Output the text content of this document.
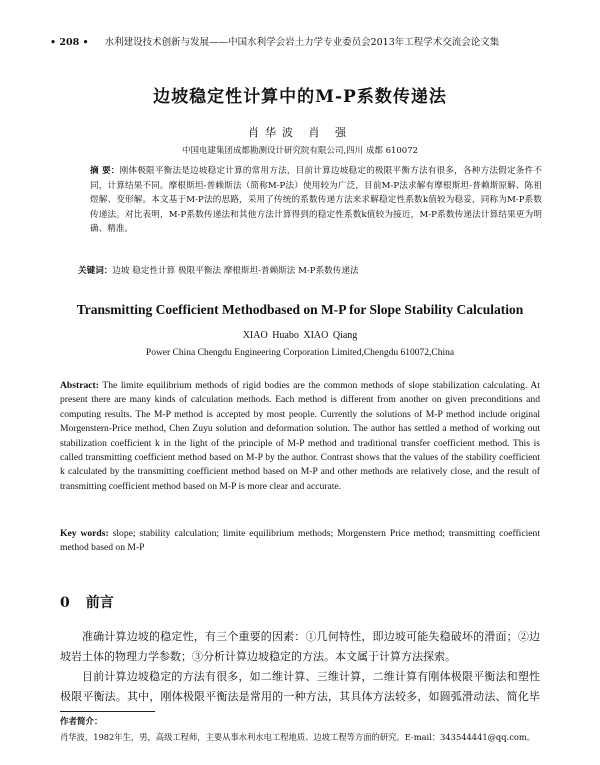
• 208 • 水利建设技术创新与发展——中国水利学会岩土力学专业委员会2013年工程学术交流会论文集
边坡稳定性计算中的M-P系数传递法
肖华波 肖 强
中国电建集团成都勘测设计研究院有限公司,四川 成都 610072
摘 要：刚体极限平衡法是边坡稳定计算的常用方法，目前计算边坡稳定的极限平衡方法有很多，各种方法假定条件不同，计算结果不同。摩根斯坦-普赖斯法（简称M-P法）使用较为广泛，目前M-P法求解有摩根斯坦-普赖斯原解、陈祖煜解、变形解。本文基于M-P法的思路，采用了传统的系数传递方法来求解稳定性系数k值较为稳妥，同称为M-P系数传递法。对比表明，M-P系数传递法和其他方法计算得到的稳定性系数k值较为接近，M-P系数传递法计算结果更为明确、精准。
关键词：边坡 稳定性计算 极限平衡法 摩根斯坦-普赖斯法 M-P系数传递法
Transmitting Coefficient Methodbased on M-P for Slope Stability Calculation
XIAO Huabo XIAO Qiang
Power China Chengdu Engineering Corporation Limited,Chengdu 610072,China
Abstract: The limite equilibrium methods of rigid bodies are the common methods of slope stabilization calculating. At present there are many kinds of calculation methods. Each method is different from another on given preconditions and computing results. The M-P method is accepted by most people. Currently the solutions of M-P method include original Morgenstern-Price method, Chen Zuyu solution and deformation solution. The author has settled a method of working out stabilization coefficient k in the light of the principle of M-P method and traditional transfer coefficient method. This is called transmitting coefficient method based on M-P by the author. Contrast shows that the values of the stability coefficient k calculated by the transmitting coefficient method based on M-P and other methods are relatively close, and the result of transmitting coefficient method based on M-P is more clear and accurate.
Key words: slope; stability calculation; limite equilibrium methods; Morgenstern Price method; transmitting coefficient method based on M-P
0 前言

准确计算边坡的稳定性，有三个重要的因素：①几何特性，即边坡可能失稳破坏的滑面；②边坡岩土体的物理力学参数；③分析计算边坡稳定的方法。本文属于计算方法探索。

目前计算边坡稳定的方法有很多，如二维计算、三维计算，二维计算有刚体极限平衡法和塑性极限平衡法。其中，刚体极限平衡法是常用的一种方法，其具体方法较多，如圆弧滑动法、简化毕

作者简介：
肖华波，1982年生，男，高级工程师，主要从事水利水电工程地质、边坡工程等方面的研究。E-mail：343544441@qq.com。
